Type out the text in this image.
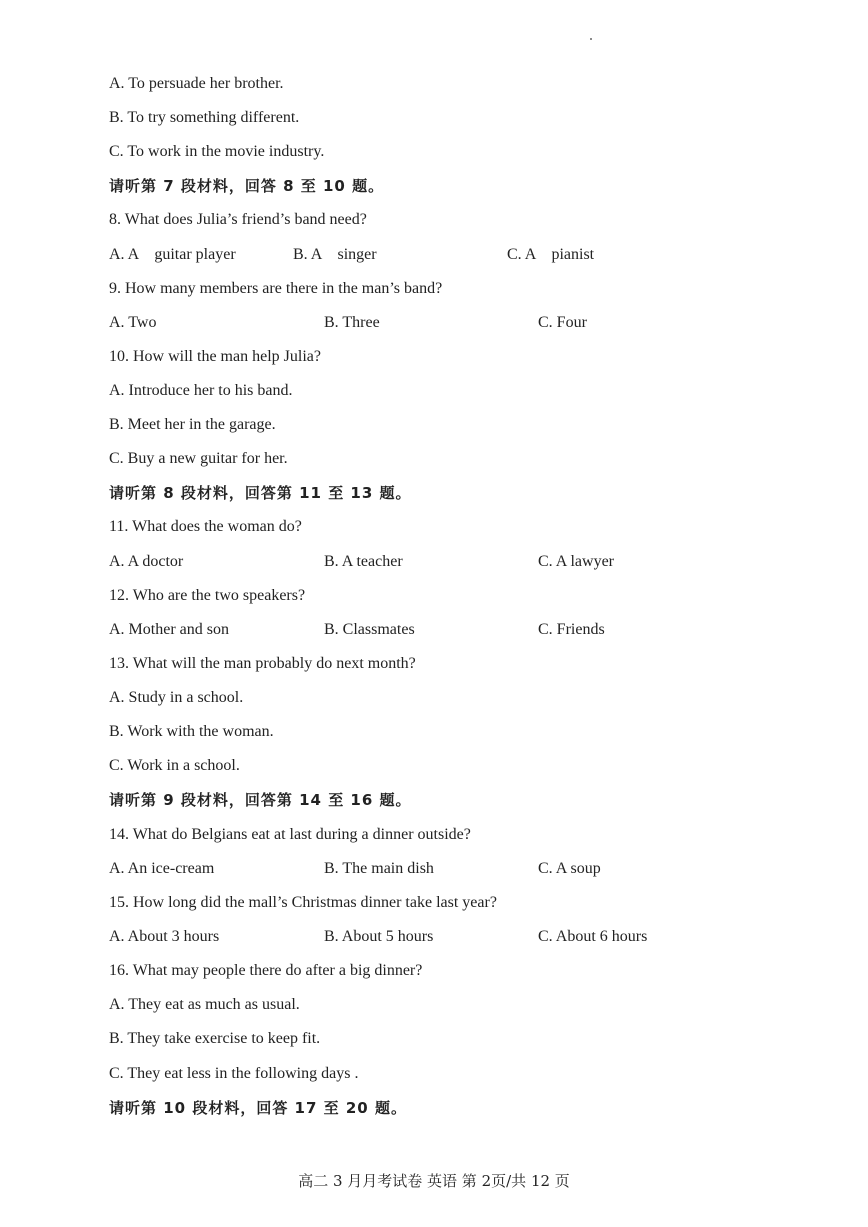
A. To persuade her brother.
B. To try something different.
C. To work in the movie industry.
请听第 7 段材料，回答 8 至 10 题。
8. What does Julia’s friend’s band need?
A. A    guitar player	B. A    singer	C. A    pianist
9. How many members are there in the man’s band?
A. Two	B. Three	C. Four
10. How will the man help Julia?
A. Introduce her to his band.
B. Meet her in the garage.
C. Buy a new guitar for her.
请听第 8 段材料，回答第 11 至 13 题。
11. What does the woman do?
A. A doctor	B. A teacher	C. A lawyer
12. Who are the two speakers?
A. Mother and son	B. Classmates	C. Friends
13. What will the man probably do next month?
A. Study in a school.
B. Work with the woman.
C. Work in a school.
请听第 9 段材料，回答第 14 至 16 题。
14. What do Belgians eat at last during a dinner outside?
A. An ice-cream	B. The main dish	C. A soup
15. How long did the mall’s Christmas dinner take last year?
A. About 3 hours	B. About 5 hours	C. About 6 hours
16. What may people there do after a big dinner?
A. They eat as much as usual.
B. They take exercise to keep fit.
C. They eat less in the following days .
请听第 10 段材料，回答 17 至 20 题。
高二 3 月月考试卷 英语 第 2页/共 12 页
